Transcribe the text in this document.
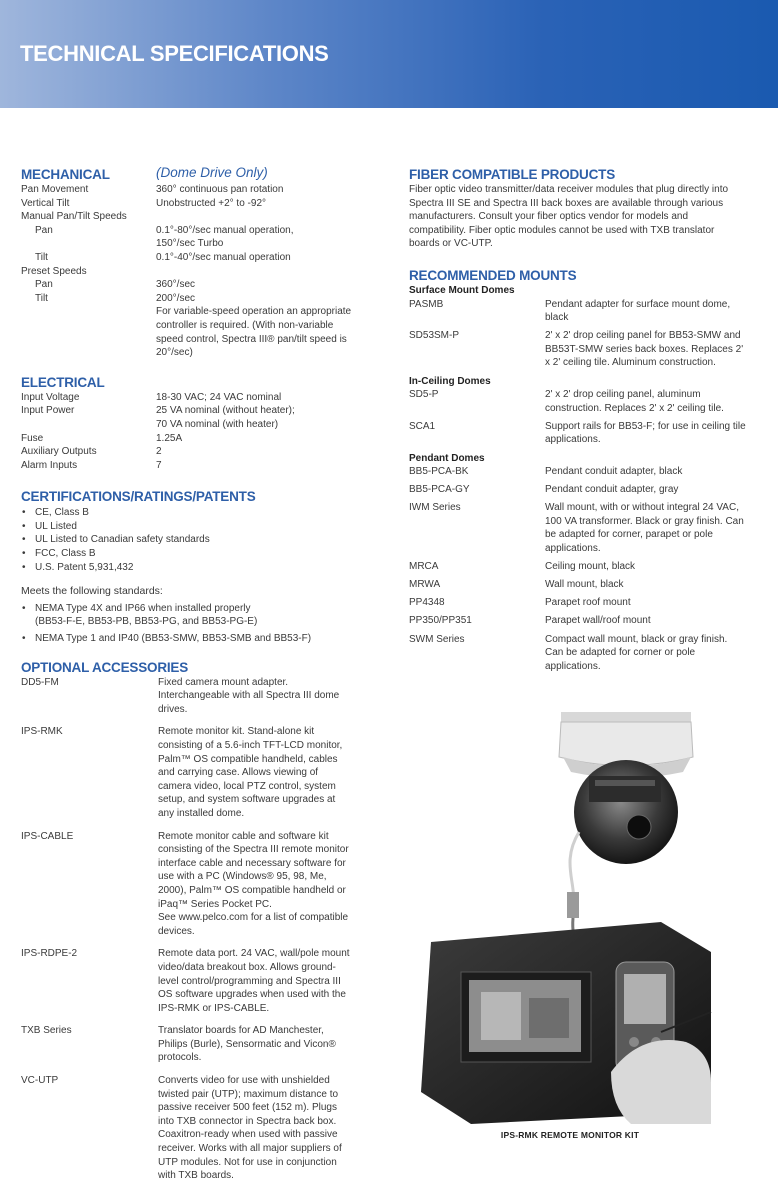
TECHNICAL SPECIFICATIONS
MECHANICAL	(Dome Drive Only)
Pan Movement	360° continuous pan rotation
Vertical Tilt	Unobstructed +2° to -92°
Manual Pan/Tilt Speeds
Pan	0.1°-80°/sec manual operation,
150°/sec Turbo
Tilt	0.1°-40°/sec manual operation
Preset Speeds
Pan	360°/sec
Tilt	200°/sec
For variable-speed operation an appropriate controller is required. (With non-variable speed control, Spectra III® pan/tilt speed is 20°/sec)
ELECTRICAL
Input Voltage	18-30 VAC; 24 VAC nominal
Input Power	25 VA nominal (without heater);
70 VA nominal (with heater)
Fuse	1.25A
Auxiliary Outputs	2
Alarm Inputs	7
CERTIFICATIONS/RATINGS/PATENTS
• CE, Class B
• UL Listed
• UL Listed to Canadian safety standards
• FCC, Class B
• U.S. Patent 5,931,432
Meets the following standards:
• NEMA Type 4X and IP66 when installed properly
(BB53-F-E, BB53-PB, BB53-PG, and BB53-PG-E)
• NEMA Type 1 and IP40 (BB53-SMW, BB53-SMB and BB53-F)
OPTIONAL ACCESSORIES
DD5-FM	Fixed camera mount adapter. Interchangeable with all Spectra III dome drives.
IPS-RMK	Remote monitor kit. Stand-alone kit consisting of a 5.6-inch TFT-LCD monitor, Palm™ OS compatible handheld, cables and carrying case. Allows viewing of camera video, local PTZ control, system setup, and system software upgrades at any installed dome.
IPS-CABLE	Remote monitor cable and software kit consisting of the Spectra III remote monitor interface cable and necessary software for use with a PC (Windows® 95, 98, Me, 2000), Palm™ OS compatible handheld or iPaq™ Series Pocket PC.
See www.pelco.com for a list of compatible devices.
IPS-RDPE-2	Remote data port. 24 VAC, wall/pole mount video/data breakout box. Allows ground-level control/programming and Spectra III OS software upgrades when used with the IPS-RMK or IPS-CABLE.
TXB Series	Translator boards for AD Manchester, Philips (Burle), Sensormatic and Vicon® protocols.
VC-UTP	Converts video for use with unshielded twisted pair (UTP); maximum distance to passive receiver 500 feet (152 m). Plugs into TXB connector in Spectra back box. Coaxitron-ready when used with passive receiver. Works with all major suppliers of UTP modules. Not for use in conjunction with TXB boards.
FIBER COMPATIBLE PRODUCTS
Fiber optic video transmitter/data receiver modules that plug directly into Spectra III SE and Spectra III back boxes are available through various manufacturers. Consult your fiber optics vendor for models and compatibility. Fiber optic modules cannot be used with TXB translator boards or VC-UTP.
RECOMMENDED MOUNTS
Surface Mount Domes
PASMB	Pendant adapter for surface mount dome, black
SD53SM-P	2' x 2' drop ceiling panel for BB53-SMW and BB53T-SMW series back boxes. Replaces 2' x 2' ceiling tile. Aluminum construction.
In-Ceiling Domes
SD5-P	2' x 2' drop ceiling panel, aluminum construction. Replaces 2' x 2' ceiling tile.
SCA1	Support rails for BB53-F; for use in ceiling tile applications.
Pendant Domes
BB5-PCA-BK	Pendant conduit adapter, black
BB5-PCA-GY	Pendant conduit adapter, gray
IWM Series	Wall mount, with or without integral 24 VAC, 100 VA transformer. Black or gray finish. Can be adapted for corner, parapet or pole applications.
MRCA	Ceiling mount, black
MRWA	Wall mount, black
PP4348	Parapet roof mount
PP350/PP351	Parapet wall/roof mount
SWM Series	Compact wall mount, black or gray finish. Can be adapted for corner or pole applications.
IPS-RMK REMOTE MONITOR KIT
